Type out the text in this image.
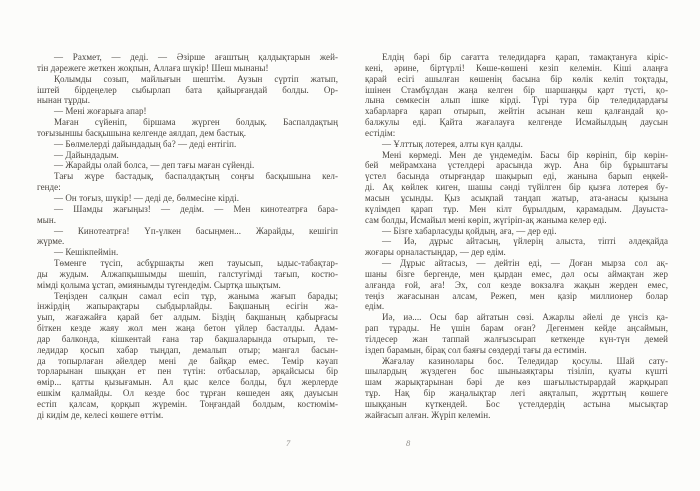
— Рахмет, — деді. — Әзірше ағаштың қалдықтарын жей-
тін дәрежеге жеткен жоқпын, Аллаға шүкір! Шеш мынаны!
Қолымды созып, майлығын шештім. Аузын сүртіп жатып,
іштей бірдеңелер сыбырлап бата қайырғандай болды. Ор-
нынан тұрды.
— Мені жоғарыға апар!
Маған сүйеніп, біршама жүрген болдық. Баспалдақтың
тоғызыншы басқышына келгенде аялдап, дем бастық.
— Бөлмелерді дайындадың ба? — деді ентігіп.
— Дайындадым.
— Жарайды олай болса, — деп тағы маған сүйенді.
Тағы жүре бастадық, баспалдақтың соңғы басқышына кел-
генде:
— Он тоғыз, шүкір! — деді де, бөлмесіне кірді.
— Шамды жағыңыз! — дедім. — Мен кинотеатрға бара-
мын.
— Кинотеатрға! Үп-үлкен басыңмен... Жарайды, кешігіп
жүрме.
— Кешікпеймін.
Төменге түсіп, асбұршақты жеп тауысып, ыдыс-табақтар-
ды жудым. Алжапқышымды шешіп, галстугімді тағып, костю-
мімді қолыма ұстап, әмиянымды түгендедім. Сыртқа шықтым.
Теңізден салқын самал есіп тұр, жаныма жағып барады;
інжірдің жапырақтары сыбдырлайды. Бақшаның есігін жа-
уып, жағажайға қарай бет алдым. Біздің бақшаның қабырғасы
біткен кезде жаяу жол мен жаңа бетон үйлер басталды. Адам-
дар балконда, кішкентай ғана тар бақшаларында отырып, те-
ледидар қосып хабар тыңдап, демалып отыр; мангал басын-
да топырлаған әйелдер мені де байқар емес. Темір кәуап
торларынан шыққан ет пен түтін: отбасылар, әрқайсысы бір
өмір... қатты қызығамын. Ал қыс келсе болды, бұл жерлерде
ешкім қалмайды. Ол кезде бос тұрған көшеден аяқ дауысын
естіп қалсам, қорқып жүремін. Тоңғандай болдым, костюмім-
ді кидім де, келесі көшеге өттім.
Елдің бәрі бір сағатта теледидарға қарап, тамақтануға кіріс-
кені, әрине, біртүрлі! Көше-көшені кезіп келемін. Кіші алаңға
қарай есігі ашылған көшенің басына бір көлік келіп тоқтады,
ішінен Стамбұлдан жаңа келген бір шаршаңқы қарт түсті, қо-
лына сөмкесін алып ішке кірді. Түрі тура бір теледидардағы
хабарларға қарап отырып, жейтін асынан кеш қалғандай қо-
балжулы еді. Қайта жағалауға келгенде Исмайылдың даусын
естідім:
— Ұлттық лотерея, алты күн қалды.
Мені көрмеді. Мен де үндемедім. Басы бір көрініп, бір көрін-
бей мейрамхана үстелдері арасында жүр. Ана бір бұрыштағы
үстел басында отырғандар шақырып еді, жанына барып еңкей-
ді. Ақ көйлек киген, шашы сәнді түйілген бір қызға лотерея бу-
масын ұсынды. Қыз асықпай таңдап жатыр, ата-анасы қызына
күлімдеп қарап тұр. Мен кілт бұрылдым, қарамадым. Дауыста-
сам болды, Исмайыл мені көріп, жүгіріп-ақ жаныма келер еді.
— Бізге хабарласуды қойдың, аға, — дер еді.
— Иә, дұрыс айтасың, үйлерің алыста, тіпті әлдеқайда
жоғары орналастыңдар, — дер едім.
— Дұрыс айтасыз, — дейтін еді, — Доған мырза сол ақ-
шаны бізге бергенде, мен қырдан емес, дәл осы аймақтан жер
алғанда ғой, аға! Эх, сол кезде вокзалға жақын жерден емес,
теңіз жағасынан алсам, Режеп, мен қазір миллионер болар
едім.
Иә, иә.... Осы бар айтатын сөзі. Ажарлы әйелі де үнсіз қа-
рап тұрады. Не үшін барам оған? Дегенмен кейде аңсаймын,
тілдесер жан таппай жалғызсырап кеткенде күн-түн демей
іздеп барамын, бірақ сол баяғы сөздерді тағы да естимін.
Жағалау казинолары бос. Теледидар қосулы. Шай сату-
шылардың жүздеген бос шыныаяқтары тізіліп, қуаты күшті
шам жарықтарынан бәрі де көз шағылыстырардай жарқырап
тұр. Нақ бір жаңалықтар легі аяқталып, жұрттың көшеге
шыққанын күткендей. Бос үстелдердің астына мысықтар
жайғасып алған. Жүріп келемін.
7	8
